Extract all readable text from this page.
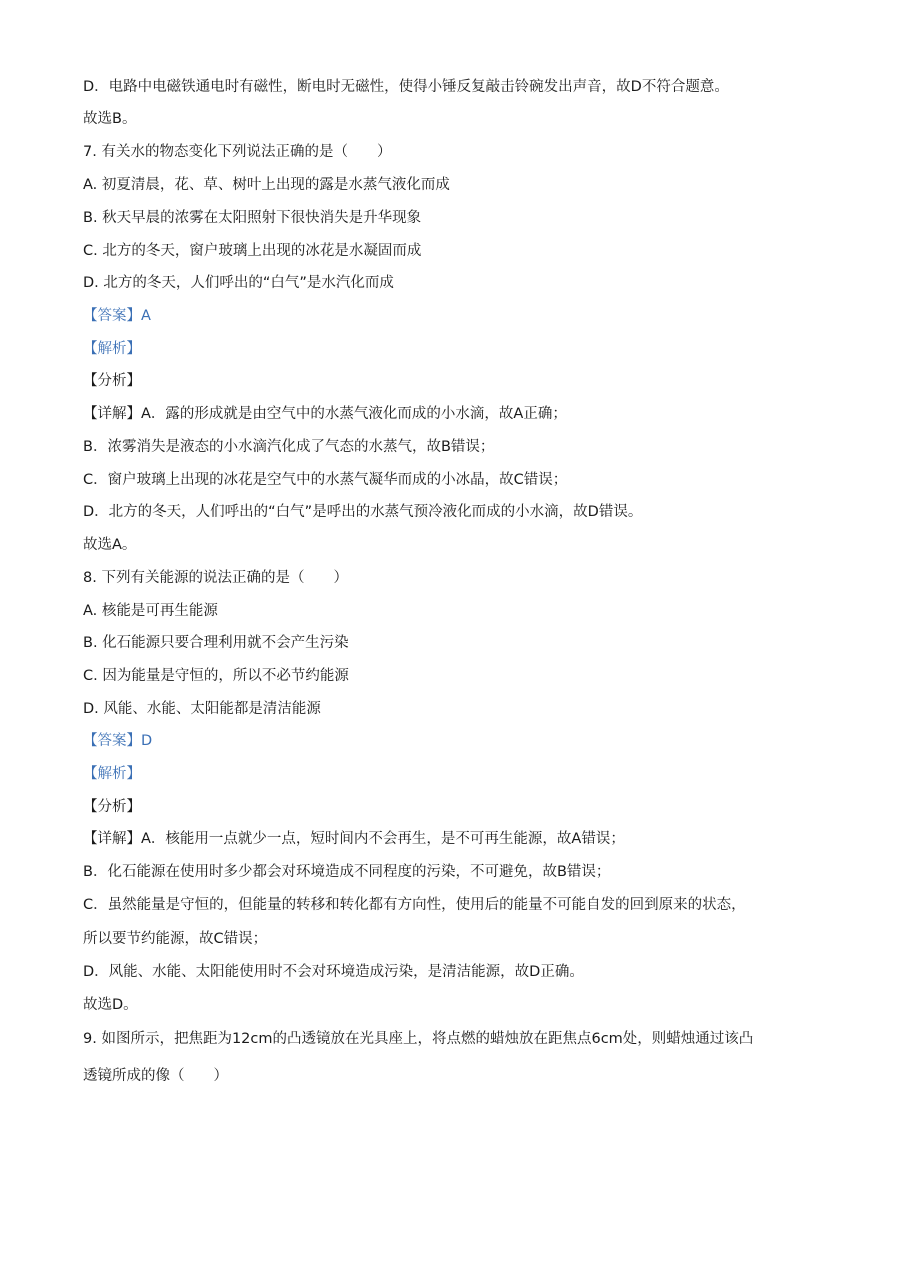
D．电路中电磁铁通电时有磁性，断电时无磁性，使得小锤反复敲击铃碗发出声音，故D不符合题意。
故选B。
7. 有关水的物态变化下列说法正确的是（　　）
A. 初夏清晨，花、草、树叶上出现的露是水蒸气液化而成
B. 秋天早晨的浓雾在太阳照射下很快消失是升华现象
C. 北方的冬天，窗户玻璃上出现的冰花是水凝固而成
D. 北方的冬天，人们呼出的“白气”是水汽化而成
【答案】A
【解析】
【分析】
【详解】A．露的形成就是由空气中的水蒸气液化而成的小水滴，故A正确；
B．浓雾消失是液态的小水滴汽化成了气态的水蒸气，故B错误；
C．窗户玻璃上出现的冰花是空气中的水蒸气凝华而成的小冰晶，故C错误；
D．北方的冬天，人们呼出的“白气”是呼出的水蒸气预冷液化而成的小水滴，故D错误。
故选A。
8. 下列有关能源的说法正确的是（　　）
A. 核能是可再生能源
B. 化石能源只要合理利用就不会产生污染
C. 因为能量是守恒的，所以不必节约能源
D. 风能、水能、太阳能都是清洁能源
【答案】D
【解析】
【分析】
【详解】A．核能用一点就少一点，短时间内不会再生，是不可再生能源，故A错误；
B．化石能源在使用时多少都会对环境造成不同程度的污染，不可避免，故B错误；
C．虽然能量是守恒的，但能量的转移和转化都有方向性，使用后的能量不可能自发的回到原来的状态，
所以要节约能源，故C错误；
D．风能、水能、太阳能使用时不会对环境造成污染，是清洁能源，故D正确。
故选D。
9. 如图所示，把焦距为12cm的凸透镜放在光具座上，将点燃的蜡烛放在距焦点6cm处，则蜡烛通过该凸
透镜所成的像（　　）
